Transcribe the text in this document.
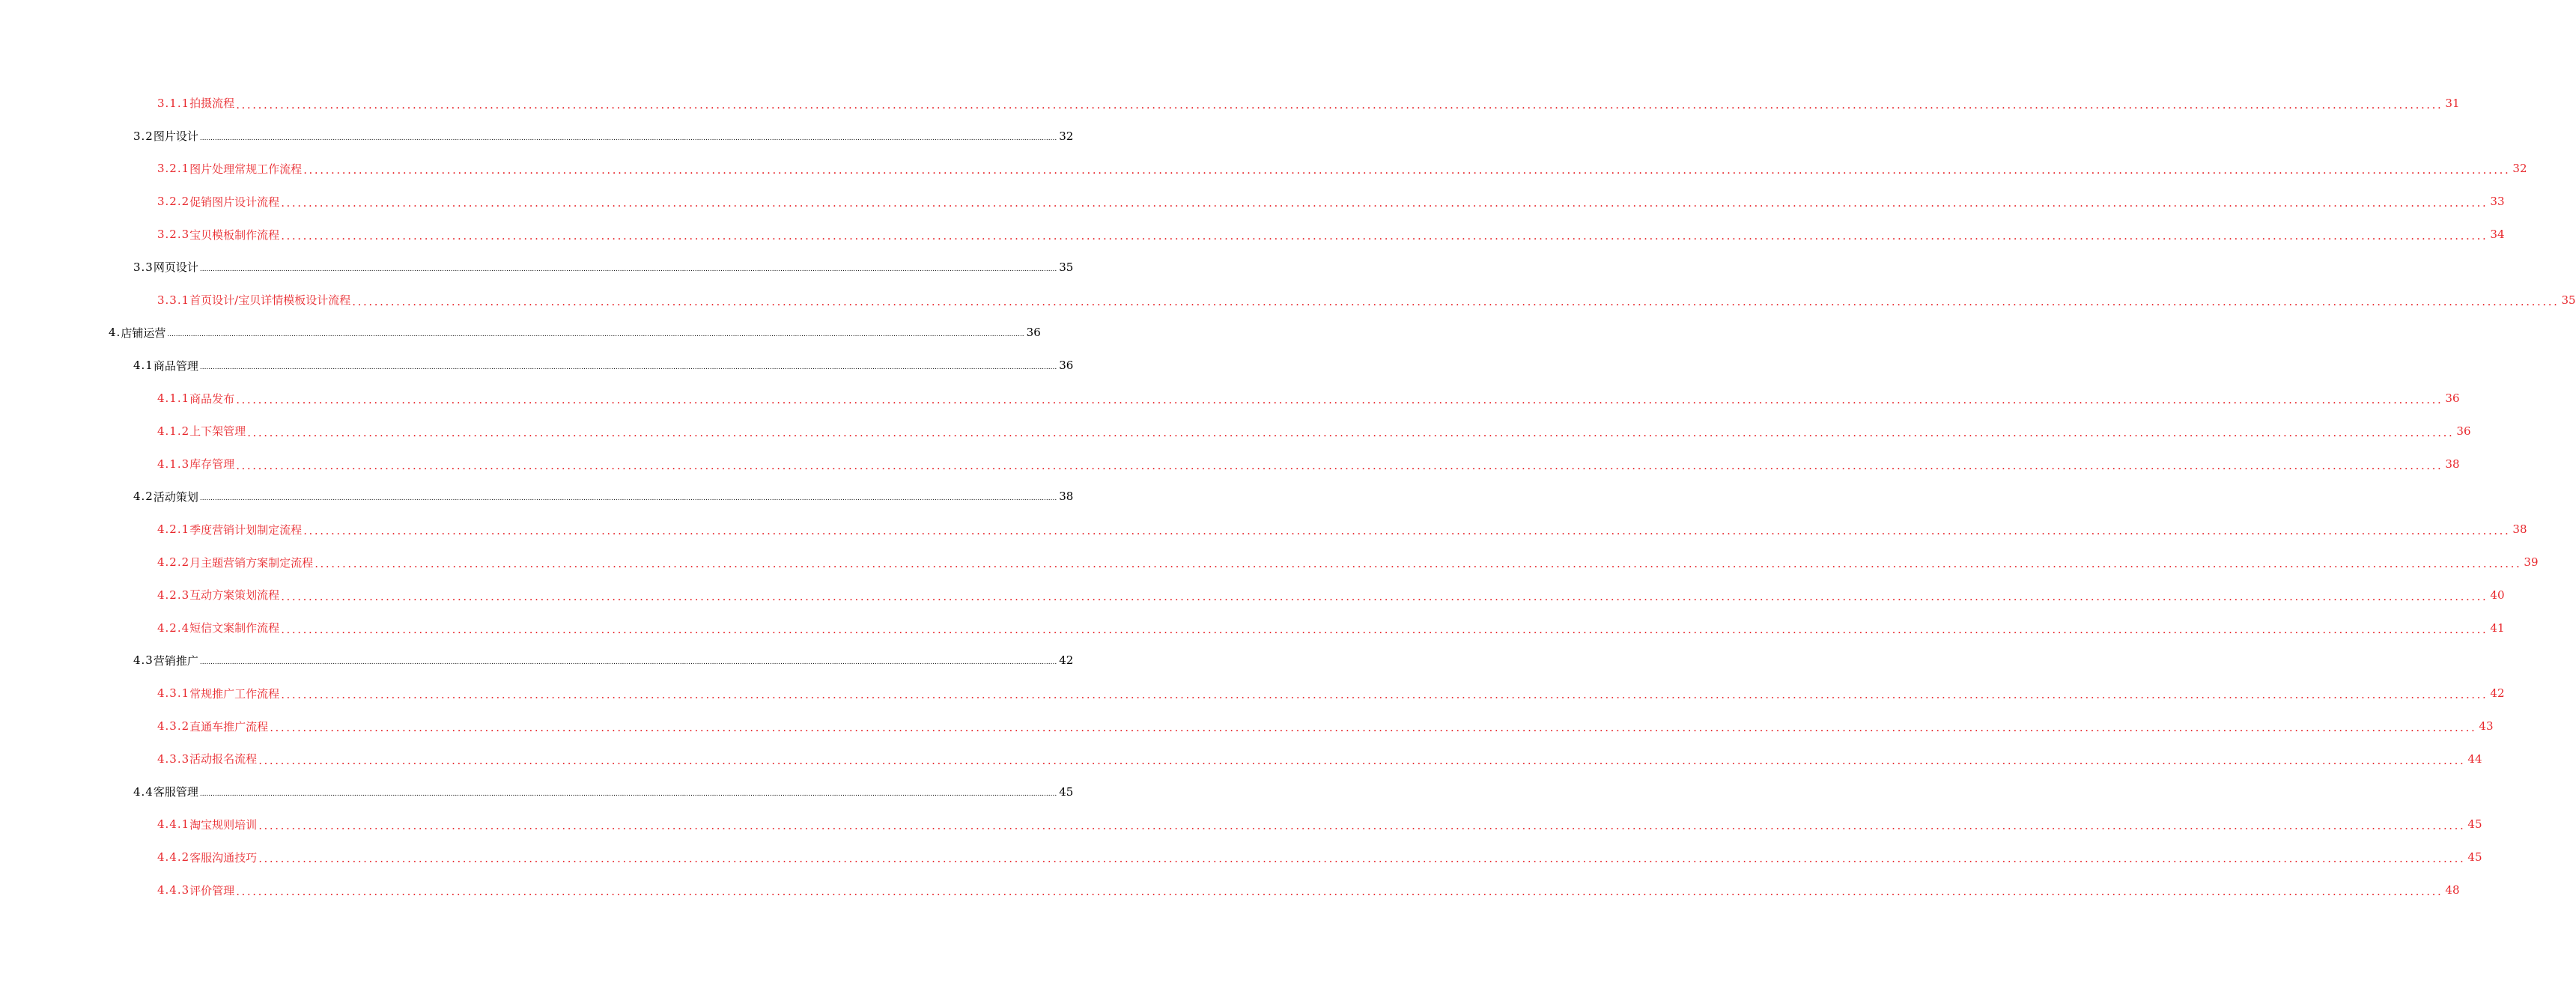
3.1.1 拍摄流程 ................................................................................................................................................................................................................................................................................................................................................................................................................ 31
3.2 图片设计 ................................................................................................................................................................................................................................................................................................................................................................................................................ 32
3.2.1 图片处理常规工作流程 ................................................................................................................................................................................................................................................................................................................................................................................................................ 32
3.2.2 促销图片设计流程 ................................................................................................................................................................................................................................................................................................................................................................................................................ 33
3.2.3 宝贝模板制作流程 ................................................................................................................................................................................................................................................................................................................................................................................................................ 34
3.3 网页设计 ................................................................................................................................................................................................................................................................................................................................................................................................................ 35
3.3.1 首页设计/宝贝详情模板设计流程 ................................................................................................................................................................................................................................................................................................................................................................................................................ 35
4. 店铺运营 ................................................................................................................................................................................................................................................................................................................................................................................................................ 36
4.1 商品管理 ................................................................................................................................................................................................................................................................................................................................................................................................................ 36
4.1.1 商品发布 ................................................................................................................................................................................................................................................................................................................................................................................................................ 36
4.1.2 上下架管理 ................................................................................................................................................................................................................................................................................................................................................................................................................ 36
4.1.3 库存管理 ................................................................................................................................................................................................................................................................................................................................................................................................................ 38
4.2 活动策划 ................................................................................................................................................................................................................................................................................................................................................................................................................ 38
4.2.1 季度营销计划制定流程 ................................................................................................................................................................................................................................................................................................................................................................................................................ 38
4.2.2 月主题营销方案制定流程 ................................................................................................................................................................................................................................................................................................................................................................................................................ 39
4.2.3 互动方案策划流程 ................................................................................................................................................................................................................................................................................................................................................................................................................ 40
4.2.4 短信文案制作流程 ................................................................................................................................................................................................................................................................................................................................................................................................................ 41
4.3 营销推广 ................................................................................................................................................................................................................................................................................................................................................................................................................ 42
4.3.1 常规推广工作流程 ................................................................................................................................................................................................................................................................................................................................................................................................................ 42
4.3.2 直通车推广流程 ................................................................................................................................................................................................................................................................................................................................................................................................................ 43
4.3.3 活动报名流程 ................................................................................................................................................................................................................................................................................................................................................................................................................ 44
4.4 客服管理 ................................................................................................................................................................................................................................................................................................................................................................................................................ 45
4.4.1 淘宝规则培训 ................................................................................................................................................................................................................................................................................................................................................................................................................ 45
4.4.2 客服沟通技巧 ................................................................................................................................................................................................................................................................................................................................................................................................................ 45
4.4.3 评价管理 ................................................................................................................................................................................................................................................................................................................................................................................................................ 48
